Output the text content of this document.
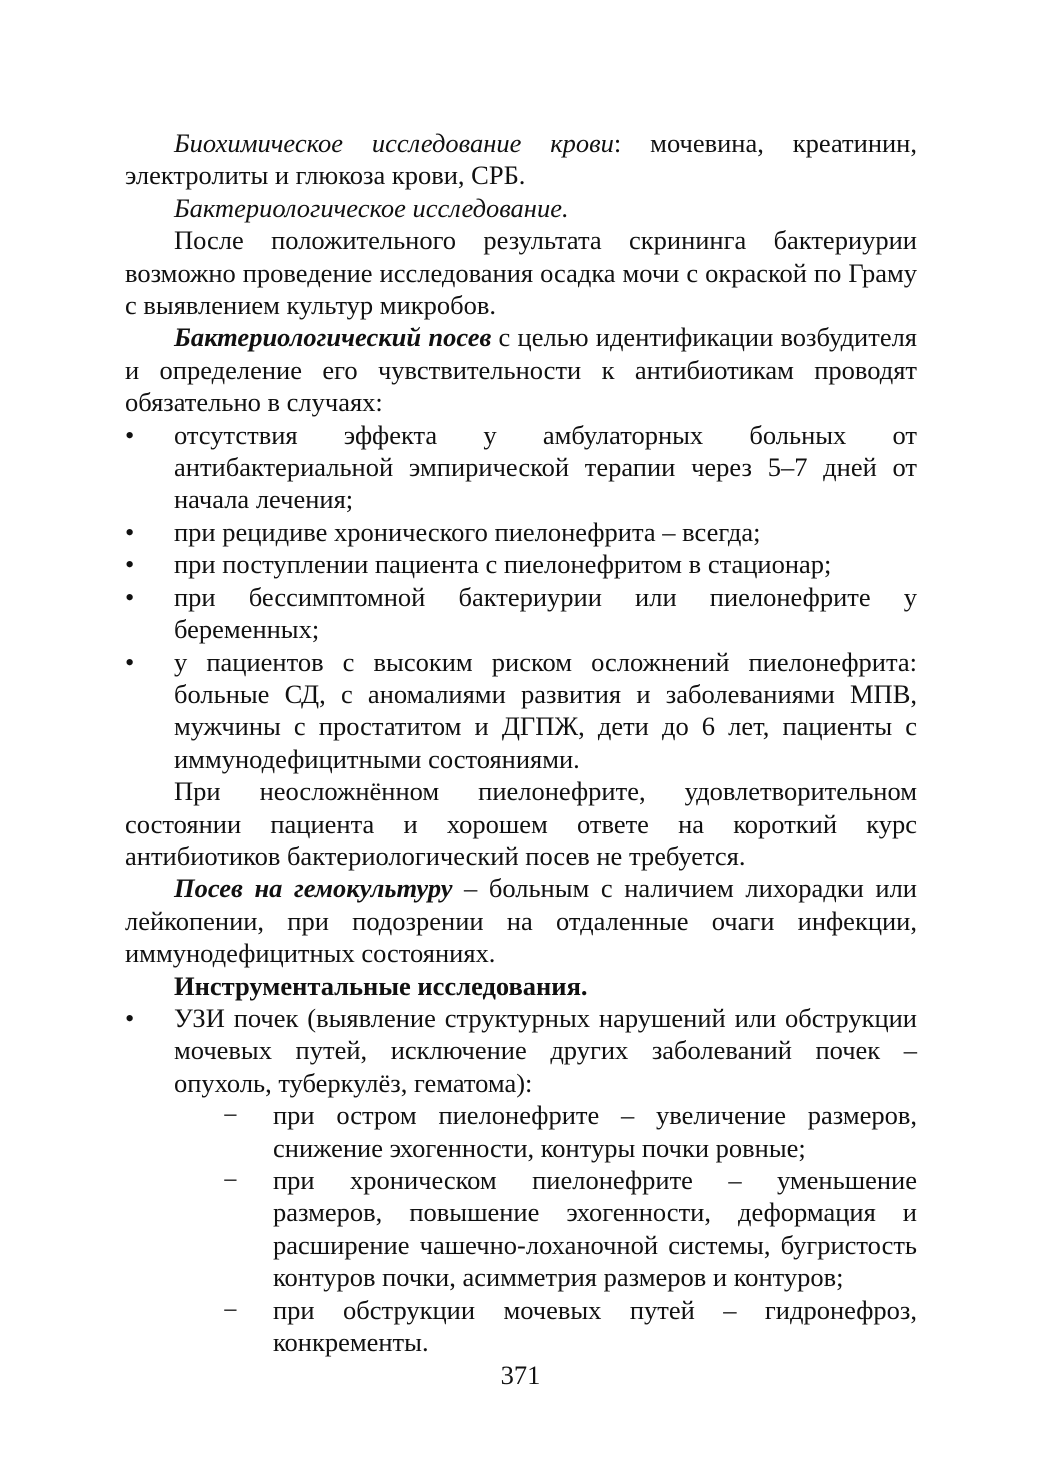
Биохимическое исследование крови: мочевина, креатинин, электролиты и глюкоза крови, СРБ.

Бактериологическое исследование.

После положительного результата скрининга бактериурии возможно проведение исследования осадка мочи с окраской по Граму с выявлением культур микробов.

Бактериологический посев с целью идентификации возбудителя и определение его чувствительности к антибиотикам проводят обязательно в случаях:

•	отсутствия эффекта у амбулаторных больных от антибактериальной эмпирической терапии через 5–7 дней от начала лечения;
•	при рецидиве хронического пиелонефрита – всегда;
•	при поступлении пациента с пиелонефритом в стационар;
•	при бессимптомной бактериурии или пиелонефрите у беременных;
•	у пациентов с высоким риском осложнений пиелонефрита: больные СД, с аномалиями развития и заболеваниями МПВ, мужчины с простатитом и ДГПЖ, дети до 6 лет, пациенты с иммунодефицитными состояниями.

При неосложнённом пиелонефрите, удовлетворительном состоянии пациента и хорошем ответе на короткий курс антибиотиков бактериологический посев не требуется.

Посев на гемокультуру – больным с наличием лихорадки или лейкопении, при подозрении на отдаленные очаги инфекции, иммунодефицитных состояниях.

Инструментальные исследования.

•	УЗИ почек (выявление структурных нарушений или обструкции мочевых путей, исключение других заболеваний почек – опухоль, туберкулёз, гематома):
−	при остром пиелонефрите – увеличение размеров, снижение эхогенности, контуры почки ровные;
−	при хроническом пиелонефрите – уменьшение размеров, повышение эхогенности, деформация и расширение чашечно-лоханочной системы, бугристость контуров почки, асимметрия размеров и контуров;
−	при обструкции мочевых путей – гидронефроз, конкременты.
371
